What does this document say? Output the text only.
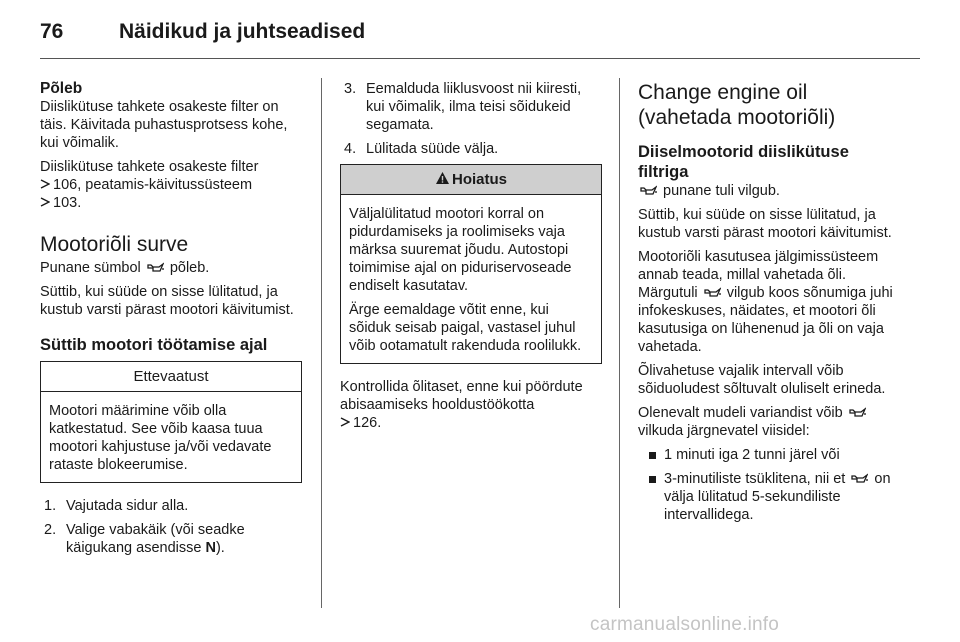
76	Näidikud ja juhtseadised
Põleb

Diislikütuse tahkete osakeste filter on täis. Käivitada puhastusprotsess kohe, kui võimalik.

Diislikütuse tahkete osakeste filter
106, peatamis-käivitussüsteem
103.

Mootoriõli surve

Punane sümbol põleb.

Süttib, kui süüde on sisse lülitatud, ja kustub varsti pärast mootori käivitumist.

Süttib mootori töötamise ajal
Ettevaatust

Mootori määrimine võib olla katkestatud. See võib kaasa tuua mootori kahjustuse ja/või vedavate rataste blokeerumise.

1. Vajutada sidur alla.
2. Valige vabakäik (või seadke käigukang asendisse N).
3. Eemalduda liiklusvoost nii kiiresti, kui võimalik, ilma teisi sõidukeid segamata.
4. Lülitada süüde välja.
Hoiatus

Väljalülitatud mootori korral on pidurdamiseks ja roolimiseks vaja märksa suuremat jõudu. Autostopi toimimise ajal on piduriservoseade endiselt kasutatav.

Ärge eemaldage võtit enne, kui sõiduk seisab paigal, vastasel juhul võib ootamatult rakenduda roolilukk.

Kontrollida õlitaset, enne kui pöördute abisaamiseks hooldustöökotta
126.

Change engine oil
(vahetada mootoriõli)
Diiselmootorid diislikütuse
filtriga

punane tuli vilgub.

Süttib, kui süüde on sisse lülitatud, ja kustub varsti pärast mootori käivitumist.

Mootoriõli kasutusea jälgimissüsteem annab teada, millal vahetada õli. Märgutuli vilgub koos sõnumiga juhi infokeskuses, näidates, et mootori õli kasutusiga on lühenenud ja õli on vaja vahetada.

Õlivahetuse vajalik intervall võib sõiduoludest sõltuvalt oluliselt erineda.

Olenevalt mudeli variandist võib  vilkuda järgnevatel viisidel:

1 minuti iga 2 tunni järel või
3-minutiliste tsüklitena, nii et on välja lülitatud 5-sekundiliste intervallidega.
carmanualsonline.info
